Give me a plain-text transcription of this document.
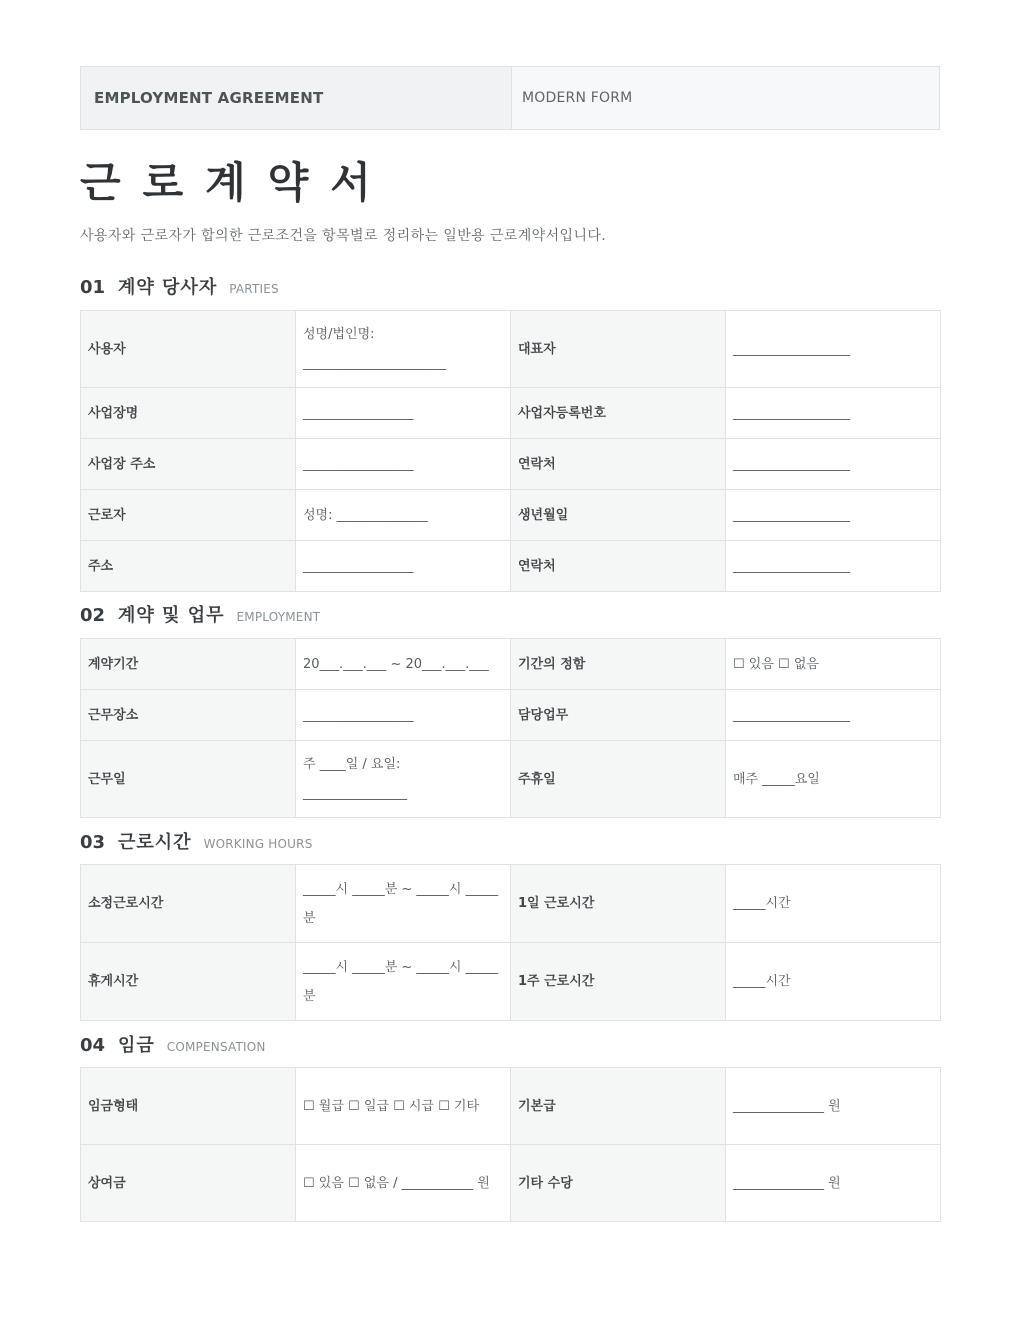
EMPLOYMENT AGREEMENT	MODERN FORM
근로계약서
사용자와 근로자가 합의한 근로조건을 항목별로 정리하는 일반용 근로계약서입니다.
01 계약 당사자 PARTIES
사용자	성명/법인명: ______________________	대표자	__________________
사업장명	_________________	사업자등록번호	__________________
사업장 주소	_________________	연락처	__________________
근로자	성명: ______________	생년월일	__________________
주소	_________________	연락처	__________________
02 계약 및 업무 EMPLOYMENT
계약기간	20___.___.___ ~ 20___.___.___	기간의 정함	☐ 있음 ☐ 없음
근무장소	_________________	담당업무	__________________
근무일	주 ____일 / 요일: ________________	주휴일	매주 _____요일
03 근로시간 WORKING HOURS
소정근로시간	_____시 _____분 ~ _____시 _____분	1일 근로시간	_____시간
휴게시간	_____시 _____분 ~ _____시 _____분	1주 근로시간	_____시간
04 임금 COMPENSATION
임금형태	☐ 월급 ☐ 일급 ☐ 시급 ☐ 기타	기본급	______________ 원
상여금	☐ 있음 ☐ 없음 / ___________ 원	기타 수당	______________ 원
